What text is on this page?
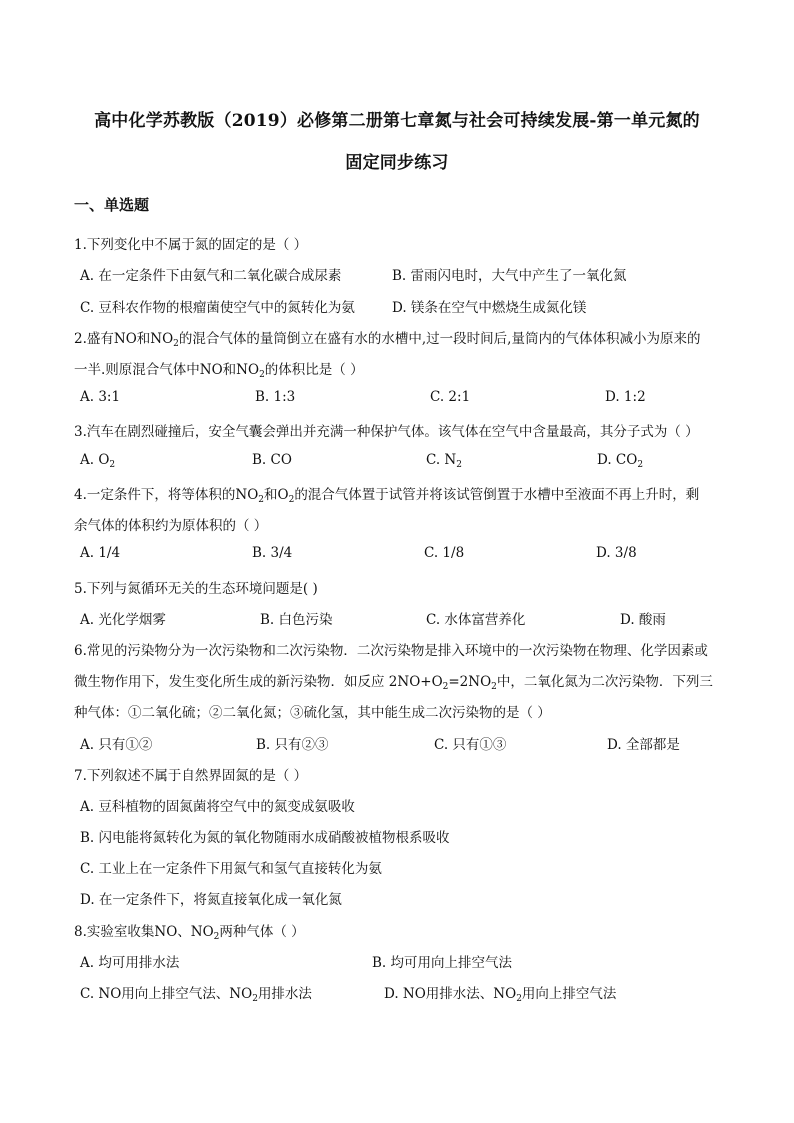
高中化学苏教版（2019）必修第二册第七章氮与社会可持续发展-第一单元氮的
固定同步练习
一、单选题
1.下列变化中不属于氮的固定的是（ ）
A. 在一定条件下由氨气和二氧化碳合成尿素	B. 雷雨闪电时，大气中产生了一氧化氮
C. 豆科农作物的根瘤菌使空气中的氮转化为氨	D. 镁条在空气中燃烧生成氮化镁
2.盛有NO和$NO_2$的混合气体的量筒倒立在盛有水的水槽中,过一段时间后,量筒内的气体体积减小为原来的
一半.则原混合气体中NO和$NO_2$的体积比是（ ）
A. 3:1	B. 1:3	C. 2:1	D. 1:2
3.汽车在剧烈碰撞后，安全气囊会弹出并充满一种保护气体。该气体在空气中含量最高，其分子式为（ ）
A. $O_2$	B. CO	C. $N_2$	D. $CO_2$
4.一定条件下，将等体积的$NO_2$和$O_2$的混合气体置于试管并将该试管倒置于水槽中至液面不再上升时，剩
余气体的体积约为原体积的（ ）
A. 1/4	B. 3/4	C. 1/8	D. 3/8
5.下列与氮循环无关的生态环境问题是( )
A. 光化学烟雾	B. 白色污染	C. 水体富营养化	D. 酸雨
6.常见的污染物分为一次污染物和二次污染物．二次污染物是排入环境中的一次污染物在物理、化学因素或
微生物作用下，发生变化所生成的新污染物．如反应 $2NO+O_2=2NO_2$中，二氧化氮为二次污染物．下列三
种气体：①二氧化硫；②二氧化氮；③硫化氢，其中能生成二次污染物的是（ ）
A. 只有①②	B. 只有②③	C. 只有①③	D. 全部都是
7.下列叙述不属于自然界固氮的是（ ）
A. 豆科植物的固氮菌将空气中的氮变成氨吸收
B. 闪电能将氮转化为氮的氧化物随雨水成硝酸被植物根系吸收
C. 工业上在一定条件下用氮气和氢气直接转化为氨
D. 在一定条件下，将氮直接氧化成一氧化氮
8.实验室收集NO、$NO_2$两种气体（ ）
A. 均可用排水法	B. 均可用向上排空气法
C. NO用向上排空气法、$NO_2$用排水法	D. NO用排水法、$NO_2$用向上排空气法
